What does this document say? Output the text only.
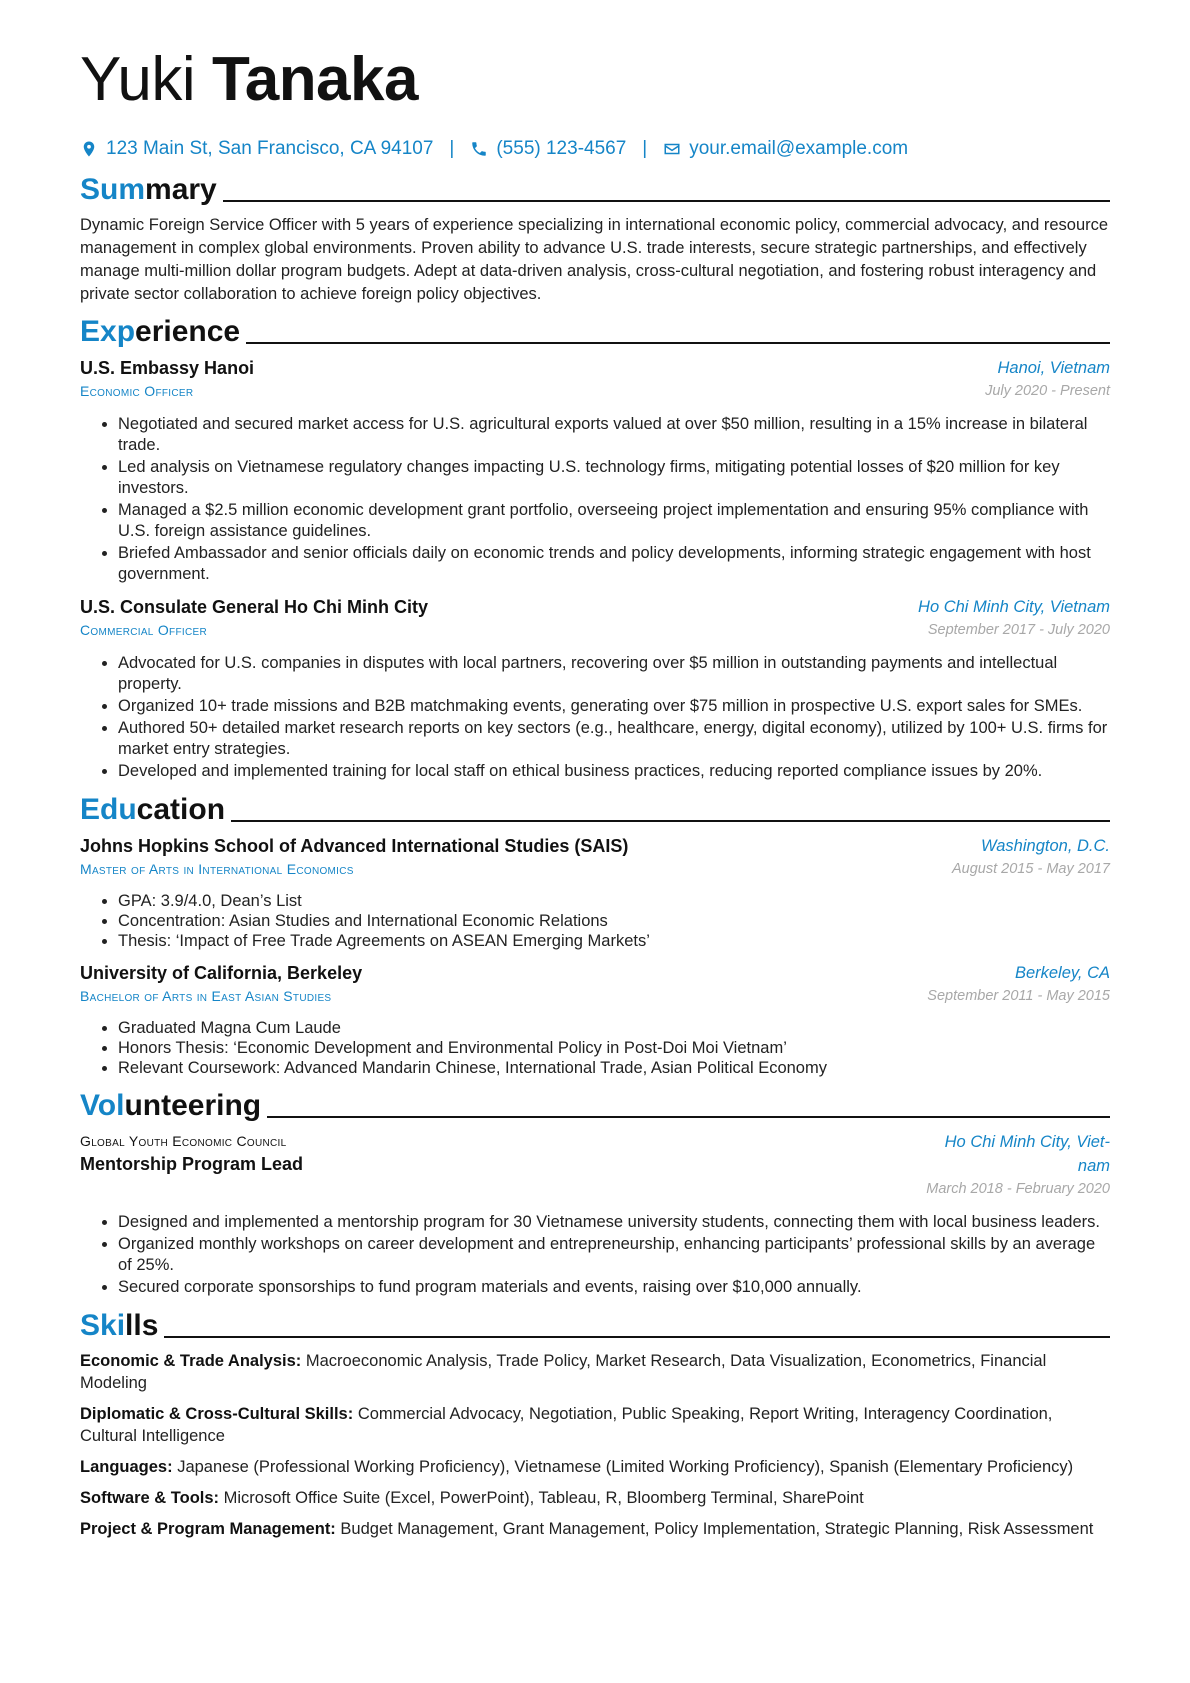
Yuki Tanaka
123 Main St, San Francisco, CA 94107 | (555) 123-4567 | your.email@example.com
Summary

Dynamic Foreign Service Officer with 5 years of experience specializing in international economic policy, commercial advocacy, and resource management in complex global environments. Proven ability to advance U.S. trade interests, secure strategic partnerships, and effectively manage multi-million dollar program budgets. Adept at data-driven analysis, cross-cultural negotiation, and fostering robust interagency and private sector collaboration to achieve foreign policy objectives.

Experience
U.S. Embassy Hanoi
Economic Officer
Hanoi, Vietnam
July 2020 - Present
• Negotiated and secured market access for U.S. agricultural exports valued at over $50 million, resulting in a 15% increase in bilateral trade.
• Led analysis on Vietnamese regulatory changes impacting U.S. technology firms, mitigating potential losses of $20 million for key investors.
• Managed a $2.5 million economic development grant portfolio, overseeing project implementation and ensuring 95% compliance with U.S. foreign assistance guidelines.
• Briefed Ambassador and senior officials daily on economic trends and policy developments, informing strategic engagement with host government.
U.S. Consulate General Ho Chi Minh City
Commercial Officer
Ho Chi Minh City, Vietnam
September 2017 - July 2020
• Advocated for U.S. companies in disputes with local partners, recovering over $5 million in outstanding payments and intellectual property.
• Organized 10+ trade missions and B2B matchmaking events, generating over $75 million in prospective U.S. export sales for SMEs.
• Authored 50+ detailed market research reports on key sectors (e.g., healthcare, energy, digital economy), utilized by 100+ U.S. firms for market entry strategies.
• Developed and implemented training for local staff on ethical business practices, reducing reported compliance issues by 20%.
Education
Johns Hopkins School of Advanced International Studies (SAIS)
Master of Arts in International Economics
Washington, D.C.
August 2015 - May 2017
• GPA: 3.9/4.0, Dean’s List
• Concentration: Asian Studies and International Economic Relations
• Thesis: ‘Impact of Free Trade Agreements on ASEAN Emerging Markets’
University of California, Berkeley
Bachelor of Arts in East Asian Studies
Berkeley, CA
September 2011 - May 2015
• Graduated Magna Cum Laude
• Honors Thesis: ‘Economic Development and Environmental Policy in Post-Doi Moi Vietnam’
• Relevant Coursework: Advanced Mandarin Chinese, International Trade, Asian Political Economy
Volunteering
Global Youth Economic Council
Mentorship Program Lead
Ho Chi Minh City, Viet-
nam
March 2018 - February 2020
• Designed and implemented a mentorship program for 30 Vietnamese university students, connecting them with local business leaders.
• Organized monthly workshops on career development and entrepreneurship, enhancing participants’ professional skills by an average of 25%.
• Secured corporate sponsorships to fund program materials and events, raising over $10,000 annually.
Skills

Economic & Trade Analysis: Macroeconomic Analysis, Trade Policy, Market Research, Data Visualization, Econometrics, Financial Modeling

Diplomatic & Cross-Cultural Skills: Commercial Advocacy, Negotiation, Public Speaking, Report Writing, Interagency Coordination, Cultural Intelligence

Languages: Japanese (Professional Working Proficiency), Vietnamese (Limited Working Proficiency), Spanish (Elementary Proficiency)

Software & Tools: Microsoft Office Suite (Excel, PowerPoint), Tableau, R, Bloomberg Terminal, SharePoint

Project & Program Management: Budget Management, Grant Management, Policy Implementation, Strategic Planning, Risk Assessment
